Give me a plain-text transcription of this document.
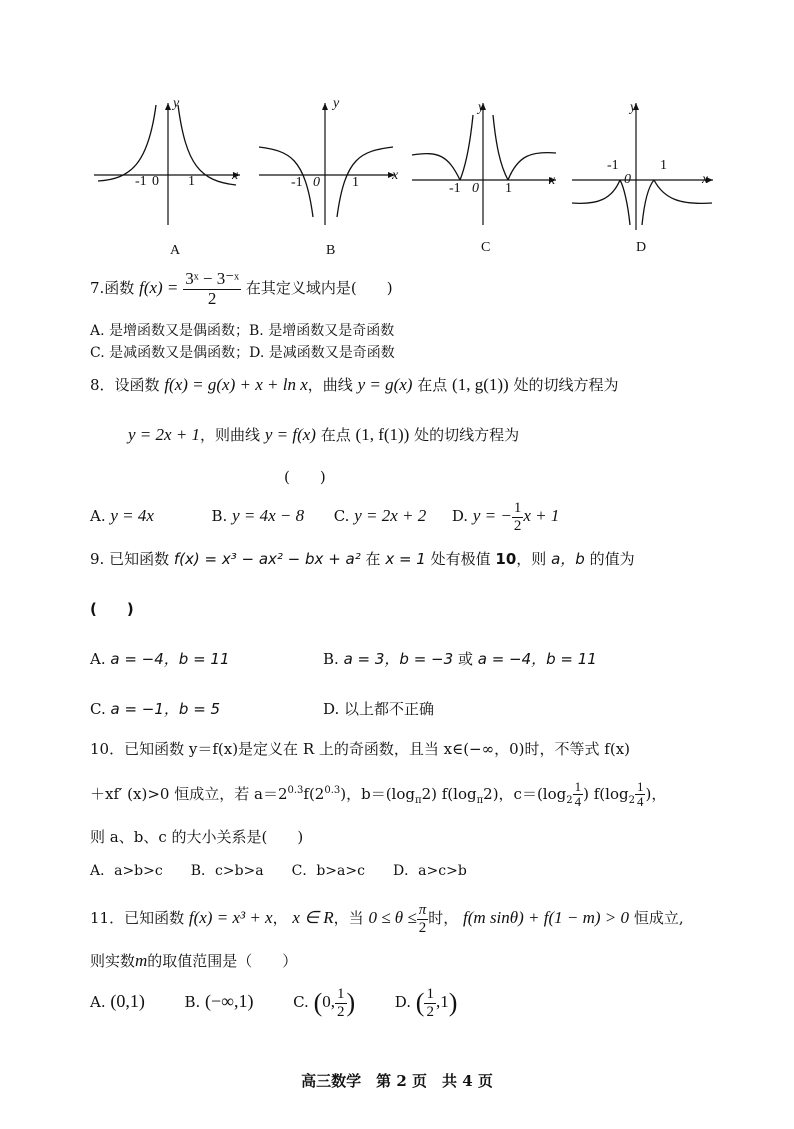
y
x
-1 0 1
A
y
x
-1 0 1
B
y
x
-1 0 1
C
y
x
-1
0
1
D
7.函数 $f(x) = \frac{\text{3ˣ − 3⁻ˣ}}{2}$ 在其定义域内是(　　)
A. 是增函数又是偶函数；B. 是增函数又是奇函数
C. 是减函数又是偶函数；D. 是减函数又是奇函数
8．设函数 f(x) = g(x) + x + ln x，曲线 y = g(x) 在点 (1, g(1)) 处的切线方程为
y = 2x + 1，则曲线 y = f(x) 在点 (1, f(1)) 处的切线方程为
(　　)
A. y = 4x	B. y = 4x − 8 C. y = 2x + 2 D. y = − $\frac{1}{2}$ x + 1
9. 已知函数 f(x) = x³ − ax² − bx + a² 在 x = 1 处有极值 10，则 a，b 的值为
(　　)
A. a = −4，b = 11	B. a = 3，b = −3 或 a = −4，b = 11
C. a = −1，b = 5	D. 以上都不正确
10．已知函数 y＝f(x)是定义在 R 上的奇函数，且当 x∈(−∞，0)时，不等式 f(x)
＋xf′ (x)>0 恒成立，若 $a=2^{0.3}f(2^{0.3})$，$b=(\log_\pi 2)$ $f(\log_\pi 2)$，$c=(\log_2 \frac{1}{4}$ ) $f(\log_2 \frac{1}{4}$ )，
则 a、b、c 的大小关系是(　　)
A．a>b>c　　B．c>b>a　　C．b>a>c　　D．a>c>b
11．已知函数 f(x) = x³ + x， x ∈ R，当 $0 \le \theta \le \frac{\pi}{2}$ 时， f(m sinθ) + f(1 − m) > 0 恒成立,
则实数m的取值范围是（　　）
A. (0,1)	B. (−∞,1)	C. (0, $\frac{1}{2}$ )	D. ( $\frac{1}{2} ,1$)
高三数学　第 2 页　共 4 页
